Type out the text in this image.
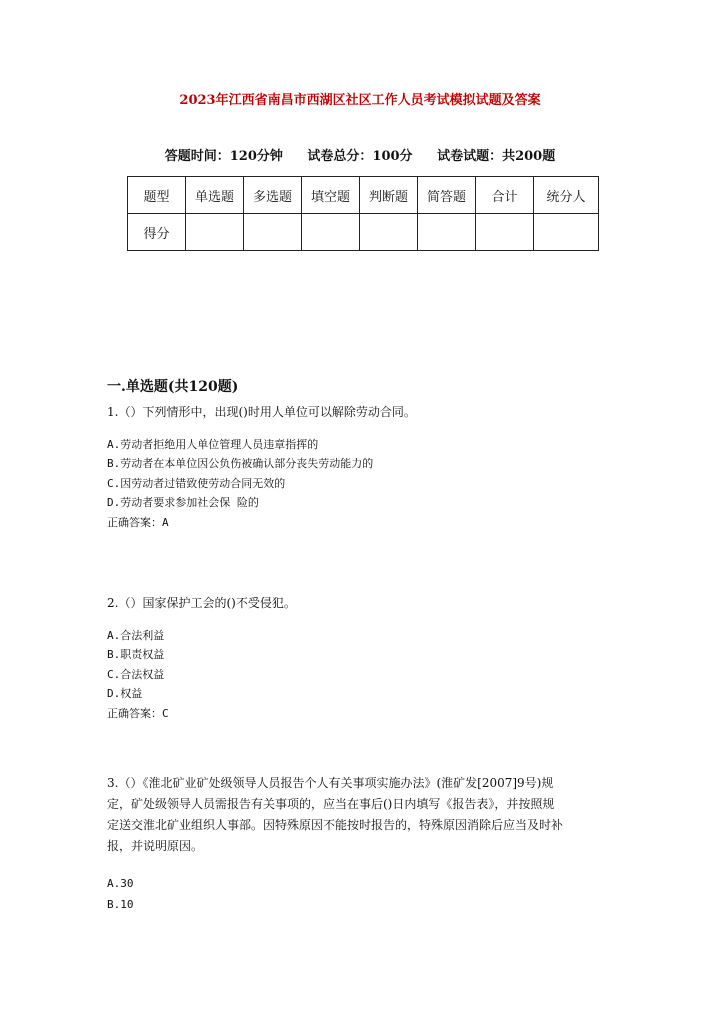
2023年江西省南昌市西湖区社区工作人员考试模拟试题及答案
答题时间：120分钟 试卷总分：100分 试卷试题：共200题
题型	单选题	多选题	填空题	判断题	简答题	合计	统分人
得分							
一.单选题(共120题)

1.（）下列情形中，出现()时用人单位可以解除劳动合同。

A.劳动者拒绝用人单位管理人员违章指挥的

B.劳动者在本单位因公负伤被确认部分丧失劳动能力的

C.因劳动者过错致使劳动合同无效的

D.劳动者要求参加社会保 险的

正确答案：A

2.（）国家保护工会的()不受侵犯。

A.合法利益

B.职责权益

C.合法权益

D.权益

正确答案：C

3.（）《淮北矿业矿处级领导人员报告个人有关事项实施办法》(淮矿发[2007]9号)规

定，矿处级领导人员需报告有关事项的，应当在事后()日内填写《报告表》，并按照规

定送交淮北矿业组织人事部。因特殊原因不能按时报告的，特殊原因消除后应当及时补

报，并说明原因。

A.30

B.10
